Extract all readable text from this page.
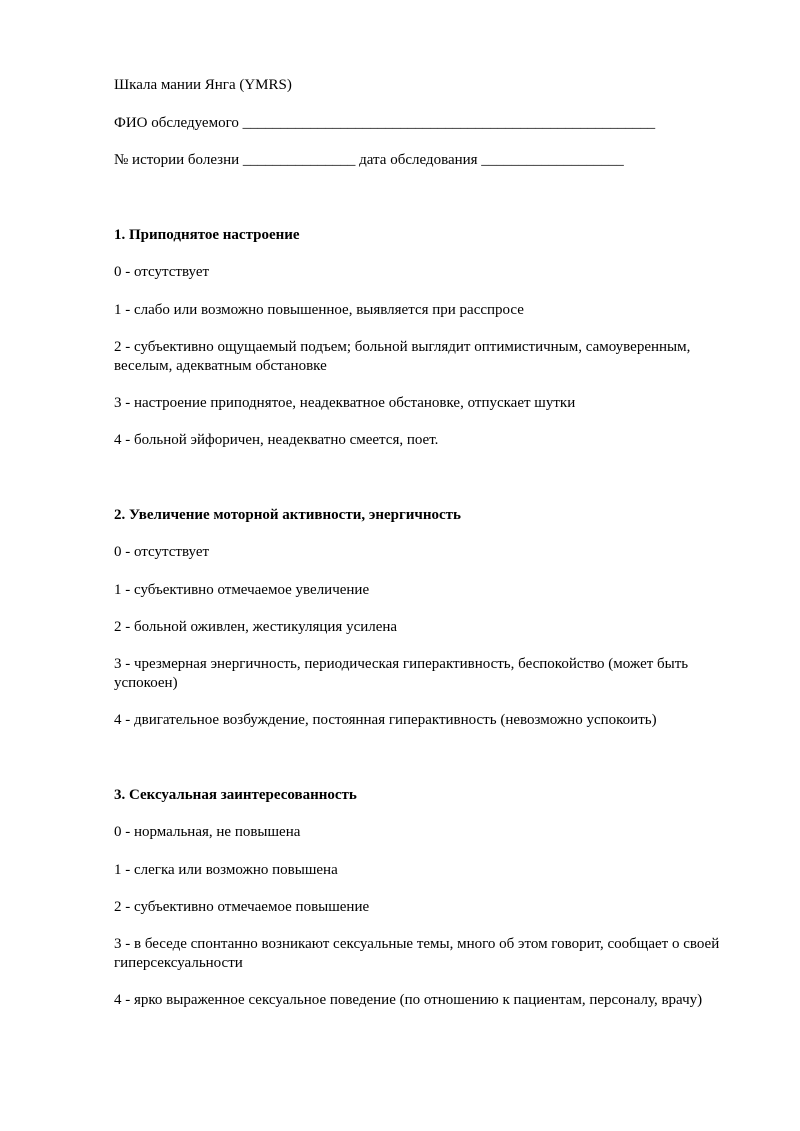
Шкала мании Янга (YMRS)
ФИО обследуемого _______________________________________________________
№ истории болезни _______________ дата обследования ___________________
1. Приподнятое настроение
0 - отсутствует
1 - слабо или возможно повышенное, выявляется при расспросе
2 - субъективно ощущаемый подъем; больной выглядит оптимистичным, самоуверенным, веселым, адекватным обстановке
3 - настроение приподнятое, неадекватное обстановке, отпускает шутки
4 - больной эйфоричен, неадекватно смеется, поет.
2. Увеличение моторной активности, энергичность
0 - отсутствует
1 - субъективно отмечаемое увеличение
2 - больной оживлен, жестикуляция усилена
3 - чрезмерная энергичность, периодическая гиперактивность, беспокойство (может быть успокоен)
4 - двигательное возбуждение, постоянная гиперактивность (невозможно успокоить)
3. Сексуальная заинтересованность
0 - нормальная, не повышена
1 - слегка или возможно повышена
2 - субъективно отмечаемое повышение
3 - в беседе спонтанно возникают сексуальные темы, много об этом говорит, сообщает о своей гиперсексуальности
4 - ярко выраженное сексуальное поведение (по отношению к пациентам, персоналу, врачу)
